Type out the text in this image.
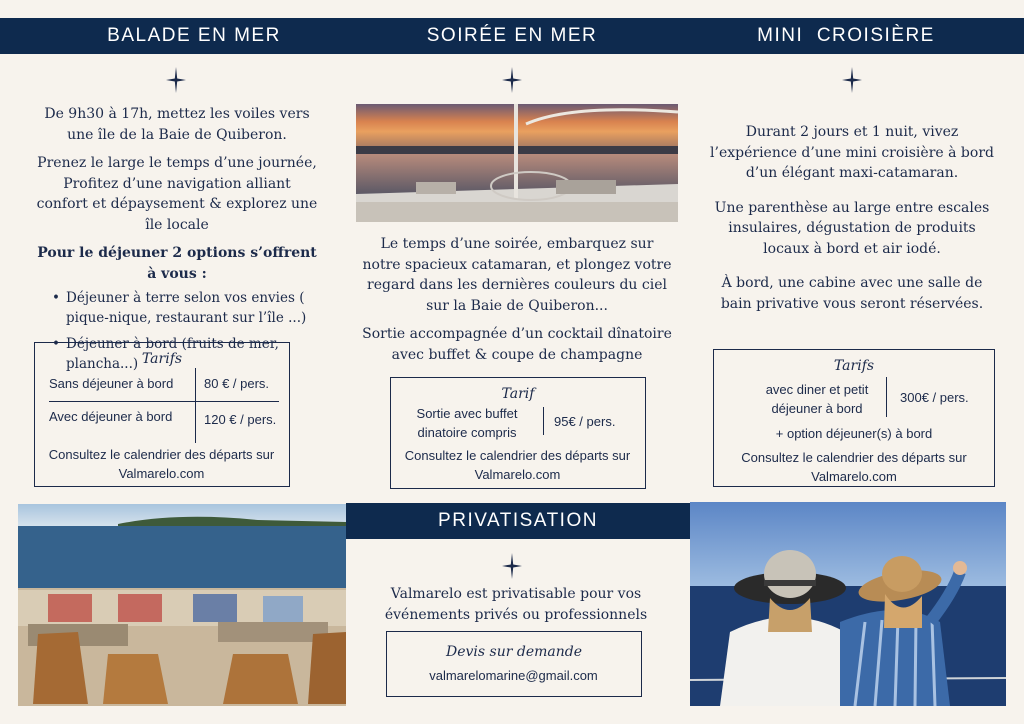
BALADE EN MER	SOIRÉE EN MER	MINI  CROISIÈRE

De 9h30 à 17h, mettez les voiles vers une île de la Baie de Quiberon.

Prenez le large le temps d’une journée, Profitez d’une navigation alliant confort et dépaysement & explorez une île locale

Pour le déjeuner 2 options s’offrent à vous :

• Déjeuner à terre selon vos envies ( pique-nique, restaurant sur l’île ...)
• Déjeuner à bord (fruits de mer, plancha...) Tarifs
Sans déjeuner à bord 80 € / pers.
Avec déjeuner à bord 120 € / pers.
Consultez le calendrier des départs sur Valmarelo.com

Le temps d’une soirée, embarquez sur notre spacieux catamaran, et plongez votre regard dans les dernières couleurs du ciel sur la Baie de Quiberon...

Sortie accompagnée d’un cocktail dînatoire avec buffet & coupe de champagne

Tarif
Sortie avec buffet dinatoire compris
95€ / pers.
Consultez le calendrier des départs sur Valmarelo.com

Durant 2 jours et 1 nuit, vivez l’expérience d’une mini croisière à bord d’un élégant maxi-catamaran.

Une parenthèse au large entre escales insulaires, dégustation de produits locaux à bord et air iodé.

À bord, une cabine avec une salle de bain privative vous seront réservées.

Tarifs
avec diner et petit déjeuner à bord
300€ / pers.
+ option déjeuner(s) à bord
Consultez le calendrier des départs sur Valmarelo.com
PRIVATISATION
Valmarelo est privatisable pour vos événements privés ou professionnels
Devis sur demande
valmarelomarine@gmail.com
